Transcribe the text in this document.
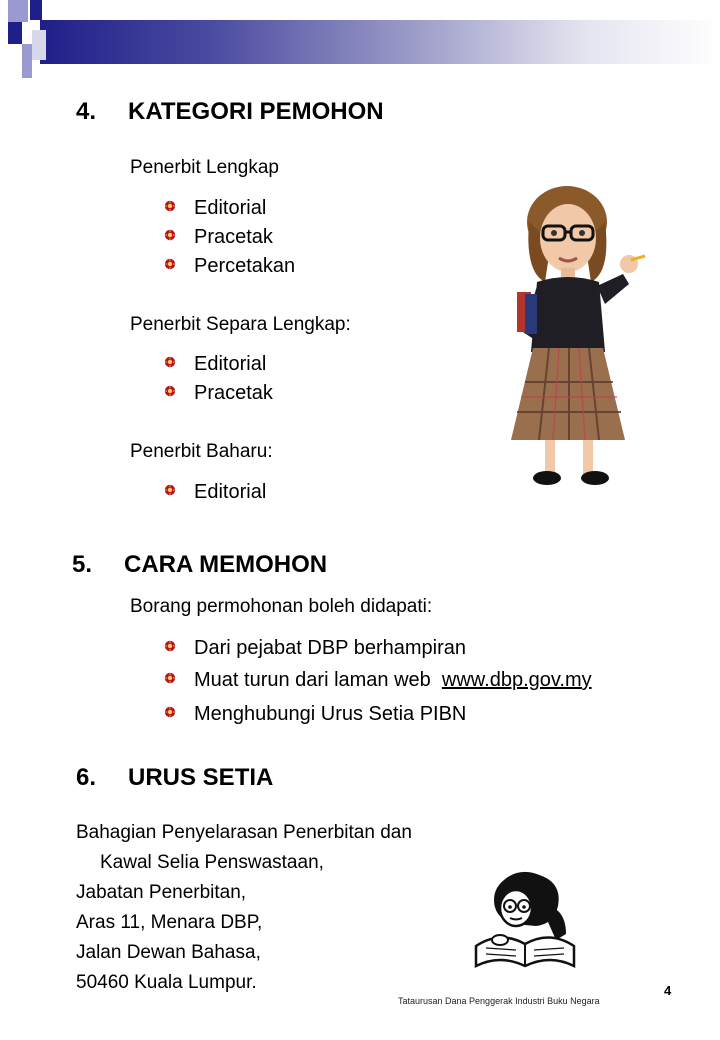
4. KATEGORI PEMOHON
Penerbit Lengkap
Editorial
Pracetak
Percetakan
Penerbit Separa Lengkap:
Editorial
Pracetak
Penerbit Baharu:
Editorial
5. CARA MEMOHON
Borang permohonan boleh didapati:
Dari pejabat DBP berhampiran
Muat turun dari laman web www.dbp.gov.my
Menghubungi Urus Setia PIBN
6. URUS SETIA
Bahagian Penyelarasan Penerbitan dan
Kawal Selia Penswastaan,
Jabatan Penerbitan,
Aras 11, Menara DBP,
Jalan Dewan Bahasa,
50460 Kuala Lumpur.
Tataurusan Dana Penggerak Industri Buku Negara
4
